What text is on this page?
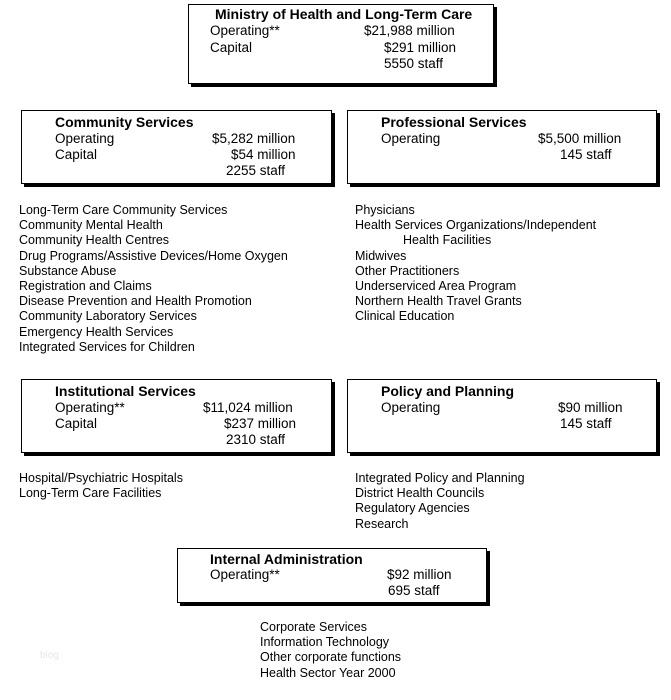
Ministry of Health and Long-Term Care
Operating**	$21,988 million
Capital	$291 million
5550 staff
Community Services
Operating	$5,282 million
Capital	$54 million
2255 staff
Professional Services
Operating	$5,500 million
145 staff
Long-Term Care Community Services
Community Mental Health
Community Health Centres
Drug Programs/Assistive Devices/Home Oxygen
Substance Abuse
Registration and Claims
Disease Prevention and Health Promotion
Community Laboratory Services
Emergency Health Services
Integrated Services for Children
Physicians
Health Services Organizations/Independent
Health Facilities
Midwives
Other Practitioners
Underserviced Area Program
Northern Health Travel Grants
Clinical Education
Institutional Services
Operating**	$11,024 million
Capital	$237 million
2310 staff
Policy and Planning
Operating	$90 million
145 staff
Hospital/Psychiatric Hospitals
Long-Term Care Facilities
Integrated Policy and Planning
District Health Councils
Regulatory Agencies
Research
Internal Administration
Operating**	$92 million
695 staff
Corporate Services
Information Technology
Other corporate functions
Health Sector Year 2000
blog
